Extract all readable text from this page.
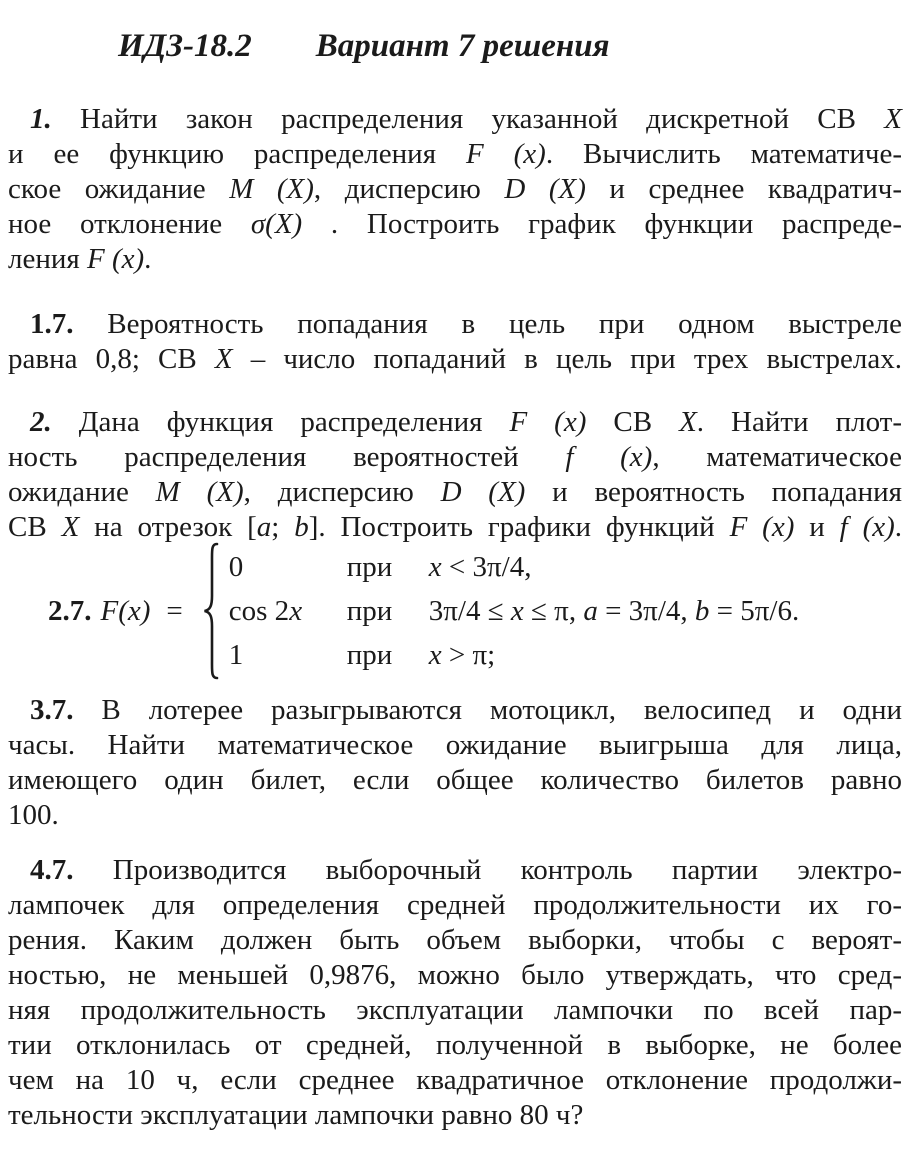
ИДЗ-18.2 Вариант 7 решения
1. Найти закон распределения указанной дискретной СВ X
и ее функцию распределения F (x). Вычислить математиче-
ское ожидание M (X), дисперсию D (X) и среднее квадратич-
ное отклонение σ(X) . Построить график функции распреде-
ления F (x).
1.7. Вероятность попадания в цель при одном выстреле
равна 0,8; СВ X – число попаданий в цель при трех выстрелах.
2. Дана функция распределения F (x) СВ X. Найти плот-
ность распределения вероятностей f (x), математическое
ожидание M (X), дисперсию D (X) и вероятность попадания
СВ X на отрезок [a; b]. Построить графики функций F (x) и f (x).
2.7. F(x) =
0	при	x < 3π/4,
cos 2x	при	3π/4 ≤ x ≤ π, a = 3π/4, b = 5π/6.
1	при	x > π;
3.7. В лотерее разыгрываются мотоцикл, велосипед и одни
часы. Найти математическое ожидание выигрыша для лица,
имеющего один билет, если общее количество билетов равно
100.
4.7. Производится выборочный контроль партии электро-
лампочек для определения средней продолжительности их го-
рения. Каким должен быть объем выборки, чтобы с вероят-
ностью, не меньшей 0,9876, можно было утверждать, что сред-
няя продолжительность эксплуатации лампочки по всей пар-
тии отклонилась от средней, полученной в выборке, не более
чем на 10 ч, если среднее квадратичное отклонение продолжи-
тельности эксплуатации лампочки равно 80 ч?
